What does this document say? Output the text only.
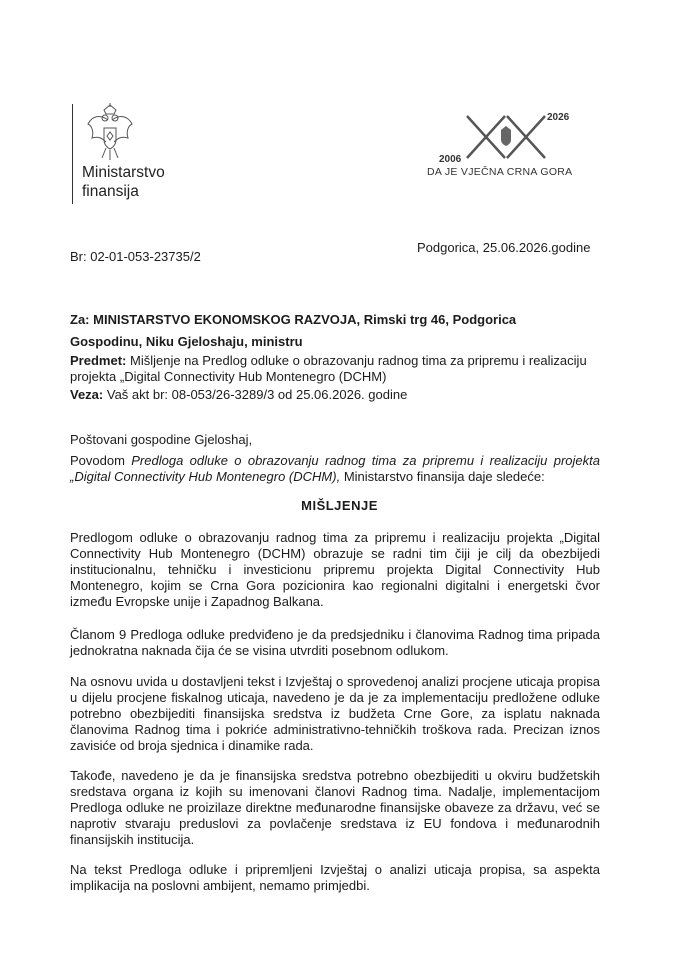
Ministarstvo
finansija
2026
2006
DA JE VJEČNA CRNA GORA
Br: 02-01-053-23735/2
Podgorica, 25.06.2026.godine
Za: MINISTARSTVO EKONOMSKOG RAZVOJA, Rimski trg 46, Podgorica
Gospodinu, Niku Gjeloshaju, ministru
Predmet: Mišljenje na Predlog odluke o obrazovanju radnog tima za pripremu i realizaciju
projekta „Digital Connectivity Hub Montenegro (DCHM)
Veza: Vaš akt br: 08-053/26-3289/3 od 25.06.2026. godine
Poštovani gospodine Gjeloshaj,
Povodom Predloga odluke o obrazovanju radnog tima za pripremu i realizaciju projekta „Digital Connectivity Hub Montenegro (DCHM), Ministarstvo finansija daje sledeće:
MIŠLJENJE
Predlogom odluke o obrazovanju radnog tima za pripremu i realizaciju projekta „Digital Connectivity Hub Montenegro (DCHM) obrazuje se radni tim čiji je cilj da obezbijedi institucionalnu, tehničku i investicionu pripremu projekta Digital Connectivity Hub Montenegro, kojim se Crna Gora pozicionira kao regionalni digitalni i energetski čvor između Evropske unije i Zapadnog Balkana.
Članom 9 Predloga odluke predviđeno je da predsjedniku i članovima Radnog tima pripada jednokratna naknada čija će se visina utvrditi posebnom odlukom.
Na osnovu uvida u dostavljeni tekst i Izvještaj o sprovedenoj analizi procjene uticaja propisa u dijelu procjene fiskalnog uticaja, navedeno je da je za implementaciju predložene odluke potrebno obezbijediti finansijska sredstva iz budžeta Crne Gore, za isplatu naknada članovima Radnog tima i pokriće administrativno-tehničkih troškova rada. Precizan iznos zavisiće od broja sjednica i dinamike rada.
Takođe, navedeno je da je finansijska sredstva potrebno obezbijediti u okviru budžetskih sredstava organa iz kojih su imenovani članovi Radnog tima. Nadalje, implementacijom Predloga odluke ne proizilaze direktne međunarodne finansijske obaveze za državu, već se naprotiv stvaraju preduslovi za povlačenje sredstava iz EU fondova i međunarodnih finansijskih institucija.
Na tekst Predloga odluke i pripremljeni Izvještaj o analizi uticaja propisa, sa aspekta implikacija na poslovni ambijent, nemamo primjedbi.
